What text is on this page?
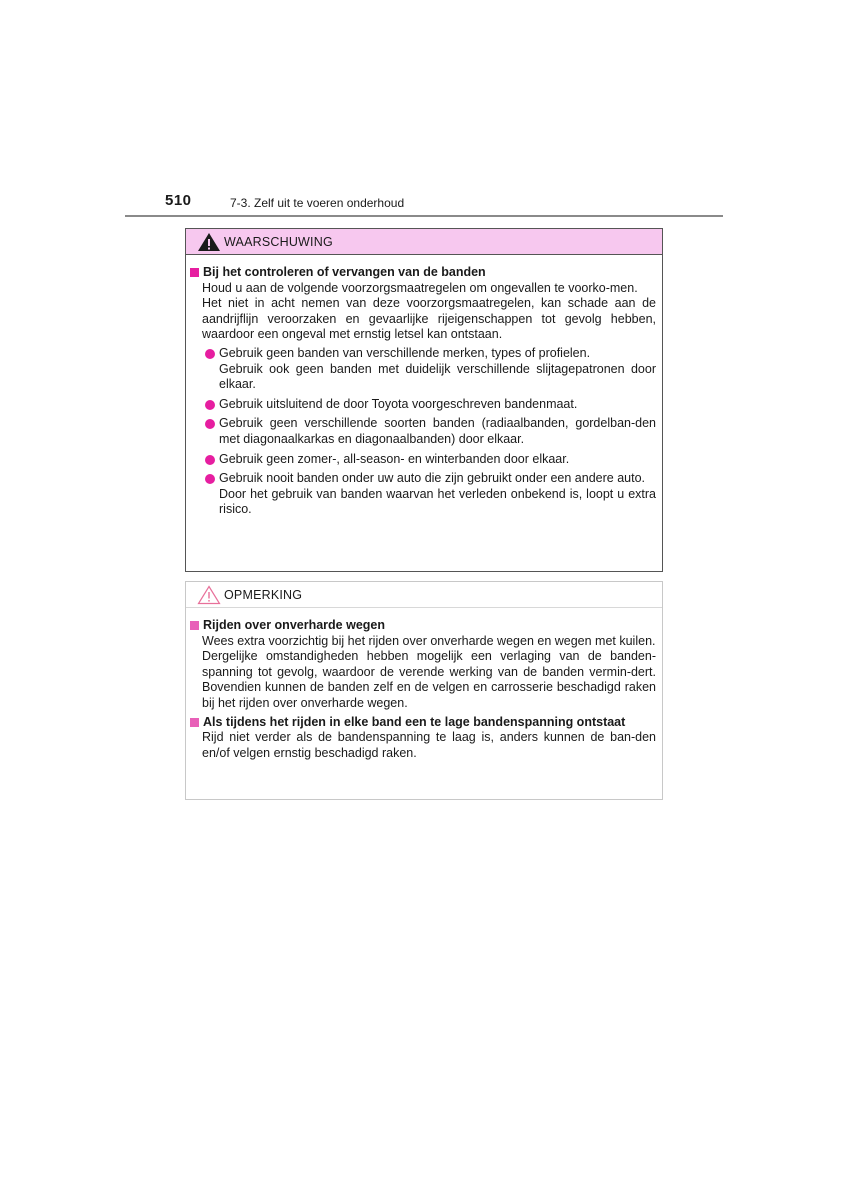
510	7-3. Zelf uit te voeren onderhoud
WAARSCHUWING
Bij het controleren of vervangen van de banden
Houd u aan de volgende voorzorgsmaatregelen om ongevallen te voorko-men.
Het niet in acht nemen van deze voorzorgsmaatregelen, kan schade aan de aandrijflijn veroorzaken en gevaarlijke rijeigenschappen tot gevolg hebben, waardoor een ongeval met ernstig letsel kan ontstaan.
Gebruik geen banden van verschillende merken, types of profielen.
Gebruik ook geen banden met duidelijk verschillende slijtagepatronen door elkaar.
Gebruik uitsluitend de door Toyota voorgeschreven bandenmaat.
Gebruik geen verschillende soorten banden (radiaalbanden, gordelban-den met diagonaalkarkas en diagonaalbanden) door elkaar.
Gebruik geen zomer-, all-season- en winterbanden door elkaar.
Gebruik nooit banden onder uw auto die zijn gebruikt onder een andere auto.
Door het gebruik van banden waarvan het verleden onbekend is, loopt u extra risico.
OPMERKING
Rijden over onverharde wegen
Wees extra voorzichtig bij het rijden over onverharde wegen en wegen met kuilen.
Dergelijke omstandigheden hebben mogelijk een verlaging van de banden-spanning tot gevolg, waardoor de verende werking van de banden vermin-dert. Bovendien kunnen de banden zelf en de velgen en carrosserie beschadigd raken bij het rijden over onverharde wegen.
Als tijdens het rijden in elke band een te lage bandenspanning ontstaat
Rijd niet verder als de bandenspanning te laag is, anders kunnen de ban-den en/of velgen ernstig beschadigd raken.
